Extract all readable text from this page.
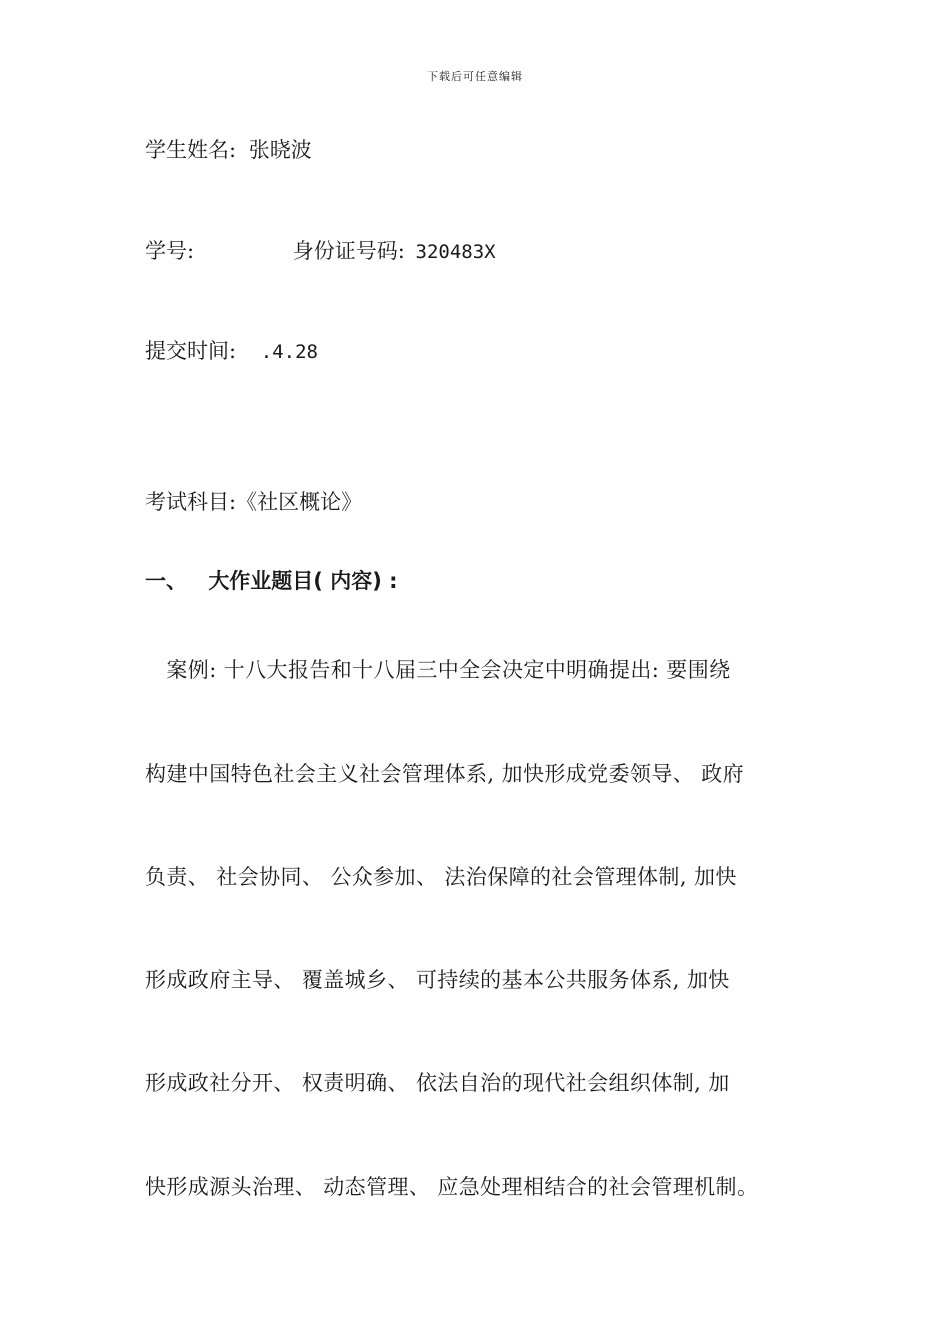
下载后可任意编辑
学生姓名: 张晓波
学号:	身份证号码: 320483X
提交时间: .4.28
考试科目:《社区概论》
一、 大作业题目( 内容) :
　案例: 十八大报告和十八届三中全会决定中明确提出: 要围绕
构建中国特色社会主义社会管理体系, 加快形成党委领导、 政府
负责、 社会协同、 公众参加、 法治保障的社会管理体制, 加快
形成政府主导、 覆盖城乡、 可持续的基本公共服务体系, 加快
形成政社分开、 权责明确、 依法自治的现代社会组织体制, 加
快形成源头治理、 动态管理、 应急处理相结合的社会管理机制。
